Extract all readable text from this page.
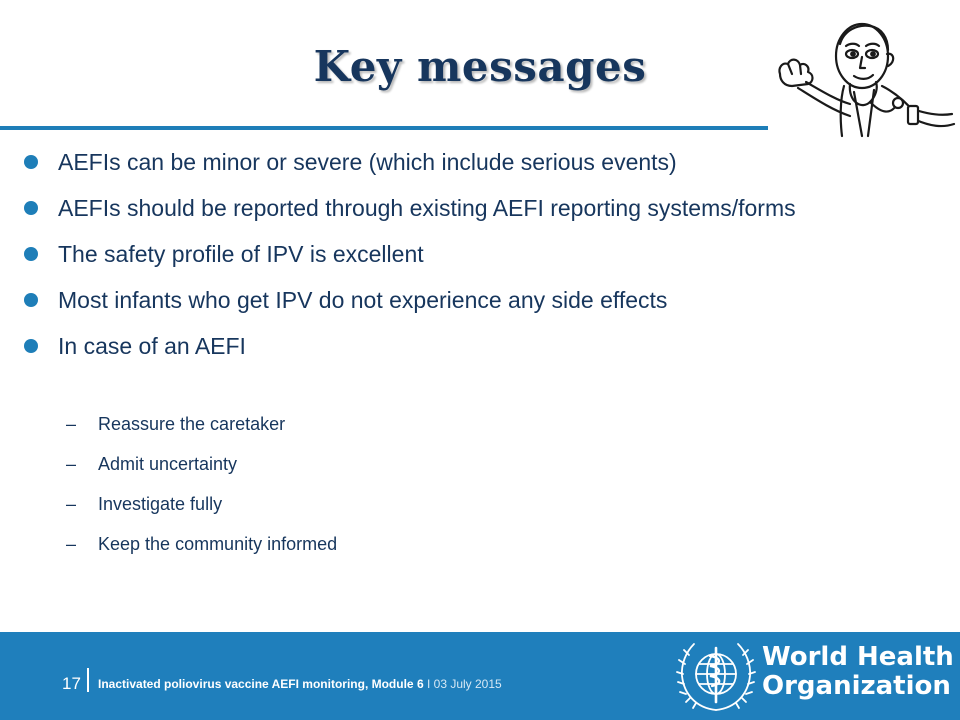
Key messages
AEFIs can be minor or severe (which include serious events)
AEFIs should be reported through existing AEFI reporting systems/forms
The safety profile of IPV is excellent
Most infants who get IPV do not experience any side effects
In case of an AEFI
– Reassure the caretaker
– Admit uncertainty
– Investigate fully
– Keep the community informed
17 Inactivated poliovirus vaccine AEFI monitoring, Module 6 I 03 July 2015
World Health
Organization
